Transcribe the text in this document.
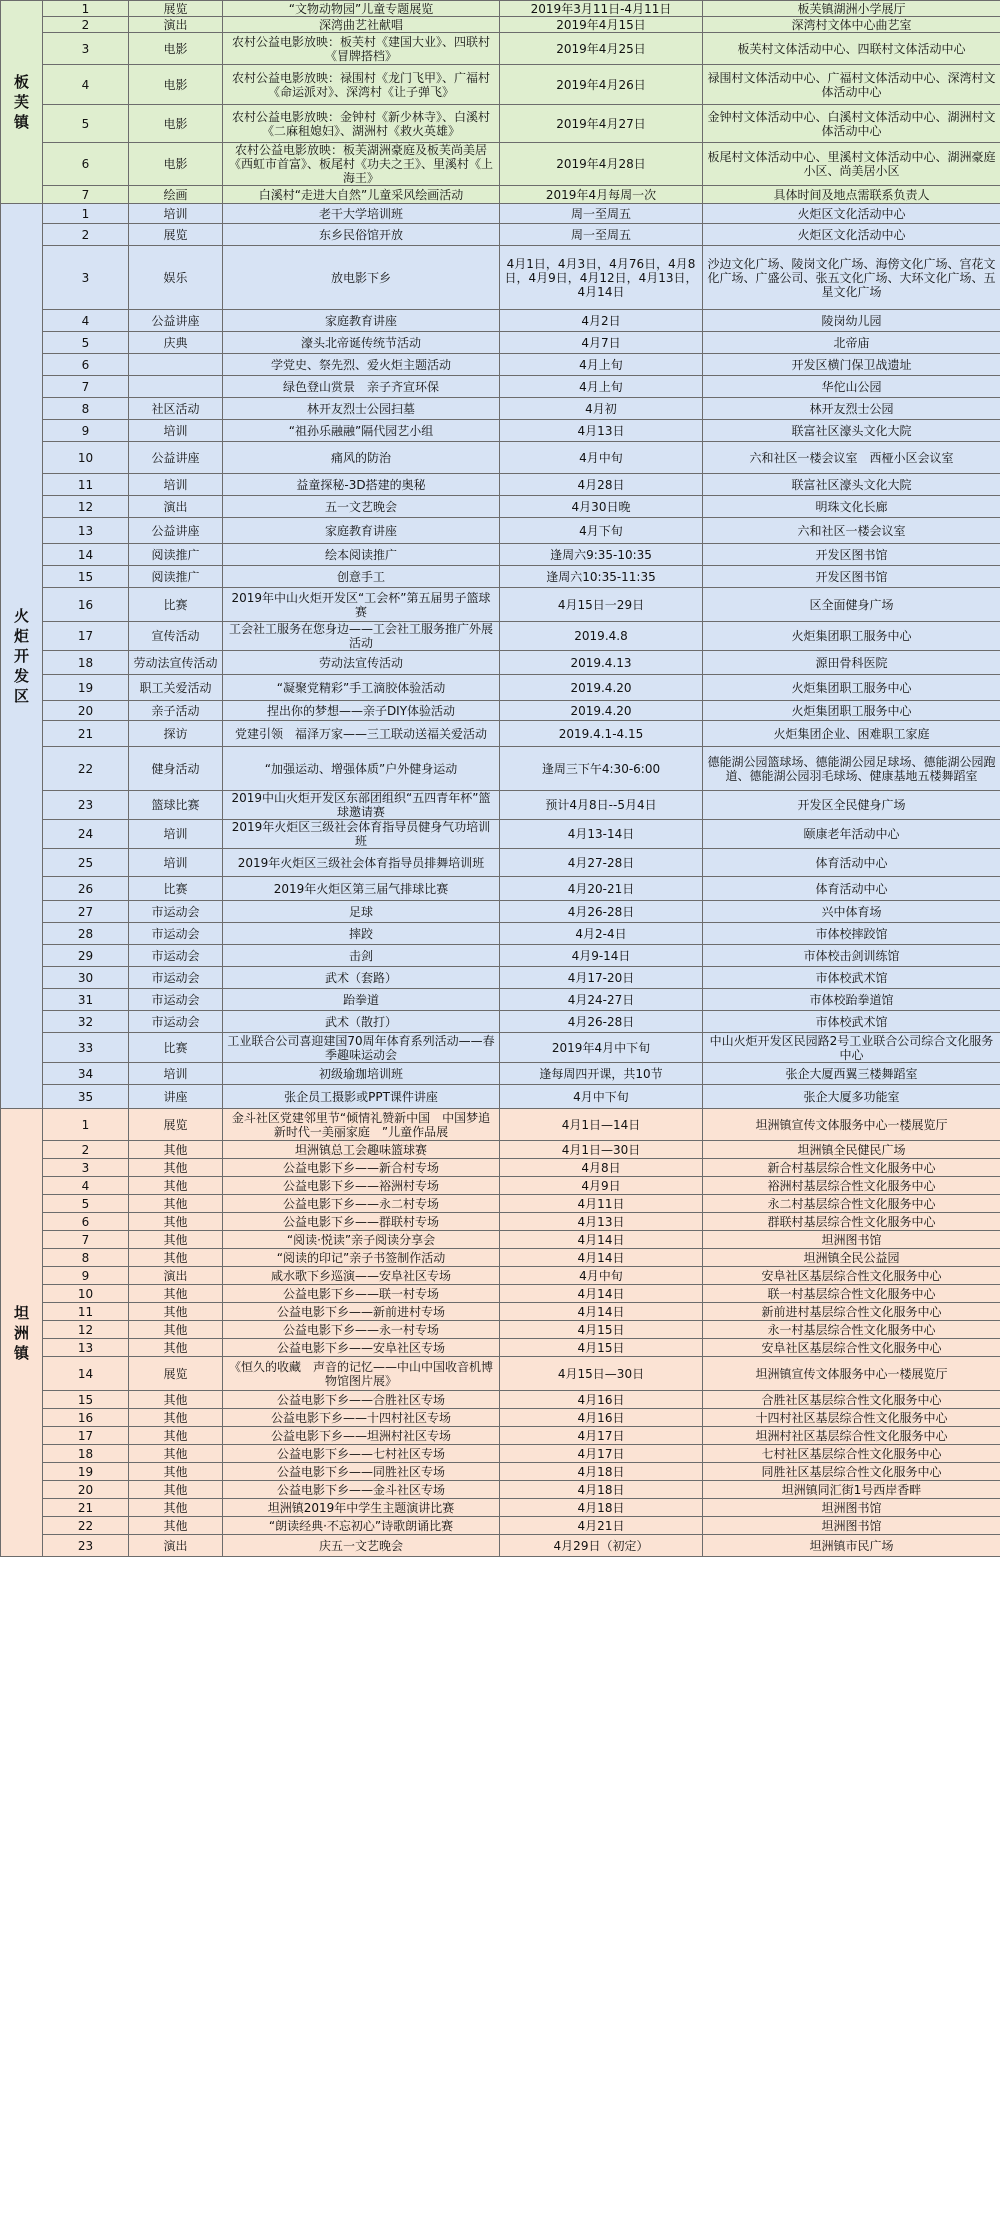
板芙镇	1	展览	“文物动物园”儿童专题展览	2019年3月11日-4月11日	板芙镇湖洲小学展厅
	2	演出	深湾曲艺社献唱	2019年4月15日	深湾村文体中心曲艺室
	3	电影	农村公益电影放映：板芙村《建国大业》、四联村《冒牌搭档》	2019年4月25日	板芙村文体活动中心、四联村文体活动中心
	4	电影	农村公益电影放映：禄围村《龙门飞甲》、广福村《命运派对》、深湾村《让子弹飞》	2019年4月26日	禄围村文体活动中心、广福村文体活动中心、深湾村文体活动中心
	5	电影	农村公益电影放映：金钟村《新少林寺》、白溪村《二麻租媳妇》、湖洲村《救火英雄》	2019年4月27日	金钟村文体活动中心、白溪村文体活动中心、湖洲村文体活动中心
	6	电影	农村公益电影放映：板芙湖洲豪庭及板芙尚美居《西虹市首富》、板尾村《功夫之王》、里溪村《上海王》	2019年4月28日	板尾村文体活动中心、里溪村文体活动中心、湖洲豪庭小区、尚美居小区
	7	绘画	白溪村“走进大自然”儿童采风绘画活动	2019年4月每周一次	具体时间及地点需联系负责人
火炬开发区	1	培训	老干大学培训班	周一至周五	火炬区文化活动中心
	2	展览	东乡民俗馆开放	周一至周五	火炬区文化活动中心
	3	娱乐	放电影下乡	4月1日，4月3日，4月76日，4月8日，4月9日，4月12日，4月13日，4月14日	沙边文化广场、陵岗文化广场、海傍文化广场、宫花文化广场、广盛公司、张五文化广场、大环文化广场、五星文化广场
	4	公益讲座	家庭教育讲座	4月2日	陵岗幼儿园
	5	庆典	濠头北帝诞传统节活动	4月7日	北帝庙
	6		学党史、祭先烈、爱火炬主题活动	4月上旬	开发区横门保卫战遗址
	7		绿色登山赏景　亲子齐宣环保	4月上旬	华佗山公园
	8	社区活动	林开友烈士公园扫墓	4月初	林开友烈士公园
	9	培训	“祖孙乐融融”隔代园艺小组	4月13日	联富社区濠头文化大院
	10	公益讲座	痛风的防治	4月中旬	六和社区一楼会议室　西桠小区会议室
	11	培训	益童探秘-3D搭建的奥秘	4月28日	联富社区濠头文化大院
	12	演出	五一文艺晚会	4月30日晚	明珠文化长廊
	13	公益讲座	家庭教育讲座	4月下旬	六和社区一楼会议室
	14	阅读推广	绘本阅读推广	逢周六9:35-10:35	开发区图书馆
	15	阅读推广	创意手工	逢周六10:35-11:35	开发区图书馆
	16	比赛	2019年中山火炬开发区“工会杯”第五届男子篮球赛	4月15日一29日	区全面健身广场
	17	宣传活动	工会社工服务在您身边——工会社工服务推广外展活动	2019.4.8	火炬集团职工服务中心
	18	劳动法宣传活动	劳动法宣传活动	2019.4.13	源田骨科医院
	19	职工关爱活动	“凝聚党精彩”手工滴胶体验活动	2019.4.20	火炬集团职工服务中心
	20	亲子活动	捏出你的梦想——亲子DIY体验活动	2019.4.20	火炬集团职工服务中心
	21	探访	党建引领　福泽万家——三工联动送福关爱活动	2019.4.1-4.15	火炬集团企业、困难职工家庭
	22	健身活动	“加强运动、增强体质”户外健身运动	逢周三下午4:30-6:00	德能湖公园篮球场、德能湖公园足球场、德能湖公园跑道、德能湖公园羽毛球场、健康基地五楼舞蹈室
	23	篮球比赛	2019中山火炬开发区东部团组织“五四青年杯”篮球邀请赛	预计4月8日--5月4日	开发区全民健身广场
	24	培训	2019年火炬区三级社会体育指导员健身气功培训班	4月13-14日	颐康老年活动中心
	25	培训	2019年火炬区三级社会体育指导员排舞培训班	4月27-28日	体育活动中心
	26	比赛	2019年火炬区第三届气排球比赛	4月20-21日	体育活动中心
	27	市运动会	足球	4月26-28日	兴中体育场
	28	市运动会	摔跤	4月2-4日	市体校摔跤馆
	29	市运动会	击剑	4月9-14日	市体校击剑训练馆
	30	市运动会	武术（套路）	4月17-20日	市体校武术馆
	31	市运动会	跆拳道	4月24-27日	市体校跆拳道馆
	32	市运动会	武术（散打）	4月26-28日	市体校武术馆
	33	比赛	工业联合公司喜迎建国70周年体育系列活动——春季趣味运动会	2019年4月中下旬	中山火炬开发区民园路2号工业联合公司综合文化服务中心
	34	培训	初级瑜珈培训班	逢每周四开课，共10节	张企大厦西翼三楼舞蹈室
	35	讲座	张企员工摄影或PPT课件讲座	4月中下旬	张企大厦多功能室
坦洲镇	1	展览	金斗社区党建邻里节“倾情礼赞新中国　中国梦追新时代一美丽家庭　”儿童作品展	4月1日—14日	坦洲镇宣传文体服务中心一楼展览厅
	2	其他	坦洲镇总工会趣味篮球赛	4月1日—30日	坦洲镇全民健民广场
	3	其他	公益电影下乡——新合村专场	4月8日	新合村基层综合性文化服务中心
	4	其他	公益电影下乡——裕洲村专场	4月9日	裕洲村基层综合性文化服务中心
	5	其他	公益电影下乡——永二村专场	4月11日	永二村基层综合性文化服务中心
	6	其他	公益电影下乡——群联村专场	4月13日	群联村基层综合性文化服务中心
	7	其他	“阅读·悦读”亲子阅读分享会	4月14日	坦洲图书馆
	8	其他	“阅读的印记”亲子书签制作活动	4月14日	坦洲镇全民公益园
	9	演出	咸水歌下乡巡演——安阜社区专场	4月中旬	安阜社区基层综合性文化服务中心
	10	其他	公益电影下乡——联一村专场	4月14日	联一村基层综合性文化服务中心
	11	其他	公益电影下乡——新前进村专场	4月14日	新前进村基层综合性文化服务中心
	12	其他	公益电影下乡——永一村专场	4月15日	永一村基层综合性文化服务中心
	13	其他	公益电影下乡——安阜社区专场	4月15日	安阜社区基层综合性文化服务中心
	14	展览	《恒久的收藏　声音的记忆——中山中国收音机博物馆图片展》	4月15日—30日	坦洲镇宣传文体服务中心一楼展览厅
	15	其他	公益电影下乡——合胜社区专场	4月16日	合胜社区基层综合性文化服务中心
	16	其他	公益电影下乡——十四村社区专场	4月16日	十四村社区基层综合性文化服务中心
	17	其他	公益电影下乡——坦洲村社区专场	4月17日	坦洲村社区基层综合性文化服务中心
	18	其他	公益电影下乡——七村社区专场	4月17日	七村社区基层综合性文化服务中心
	19	其他	公益电影下乡——同胜社区专场	4月18日	同胜社区基层综合性文化服务中心
	20	其他	公益电影下乡——金斗社区专场	4月18日	坦洲镇同汇街1号西岸香畔
	21	其他	坦洲镇2019年中学生主题演讲比赛	4月18日	坦洲图书馆
	22	其他	“朗读经典·不忘初心”诗歌朗诵比赛	4月21日	坦洲图书馆
	23	演出	庆五一文艺晚会	4月29日（初定）	坦洲镇市民广场
